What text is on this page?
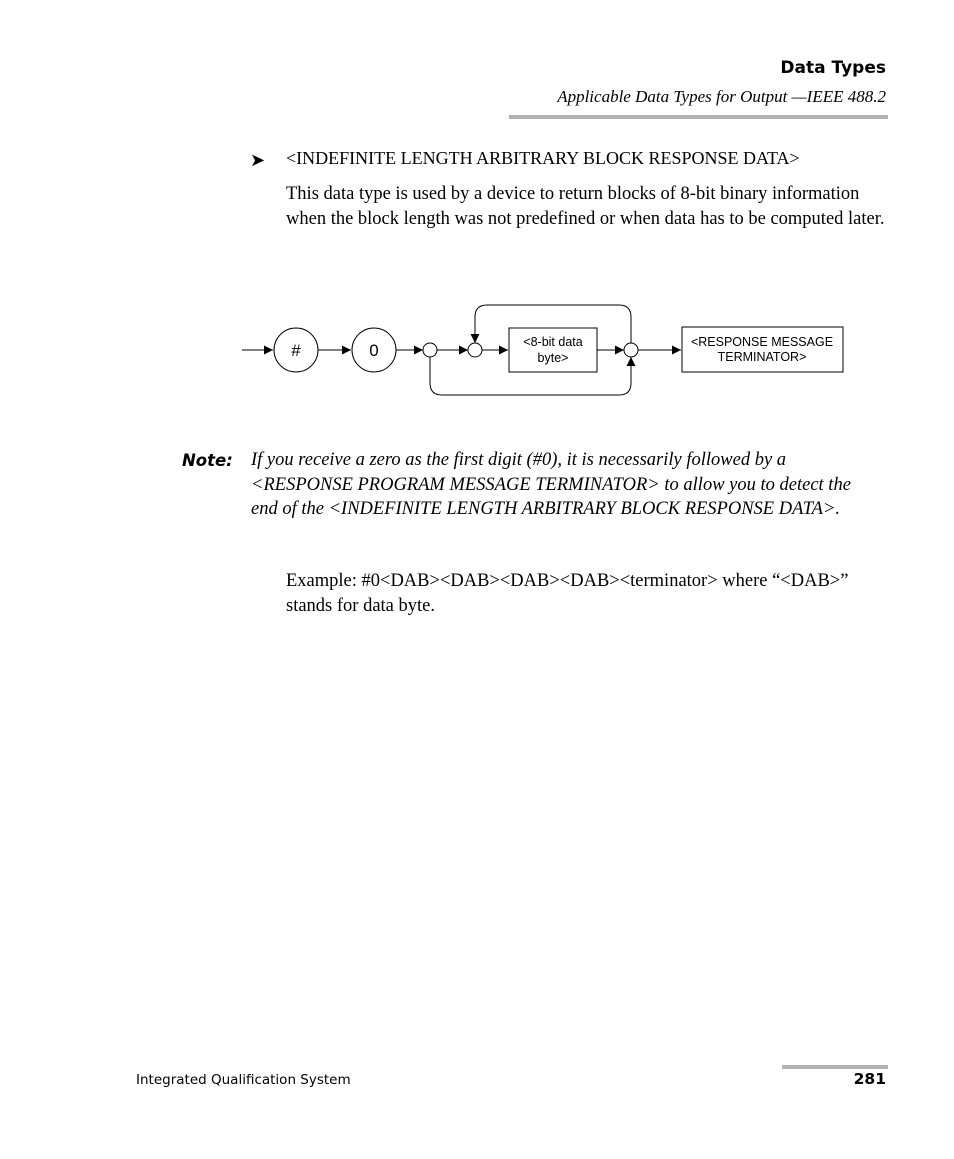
Data Types
Applicable Data Types for Output —IEEE 488.2
➤ <INDEFINITE LENGTH ARBITRARY BLOCK RESPONSE DATA>

This data type is used by a device to return blocks of 8-bit binary information when the block length was not predefined or when data has to be computed later.

#	0	<8-bit data
byte>
<RESPONSE MESSAGE
TERMINATOR>
Note: If you receive a zero as the first digit (#0), it is necessarily followed by a <RESPONSE PROGRAM MESSAGE TERMINATOR> to allow you to detect the end of the <INDEFINITE LENGTH ARBITRARY BLOCK RESPONSE DATA>.

Example: #0<DAB><DAB><DAB><DAB><terminator> where “<DAB>” stands for data byte.

Integrated Qualification System	281
